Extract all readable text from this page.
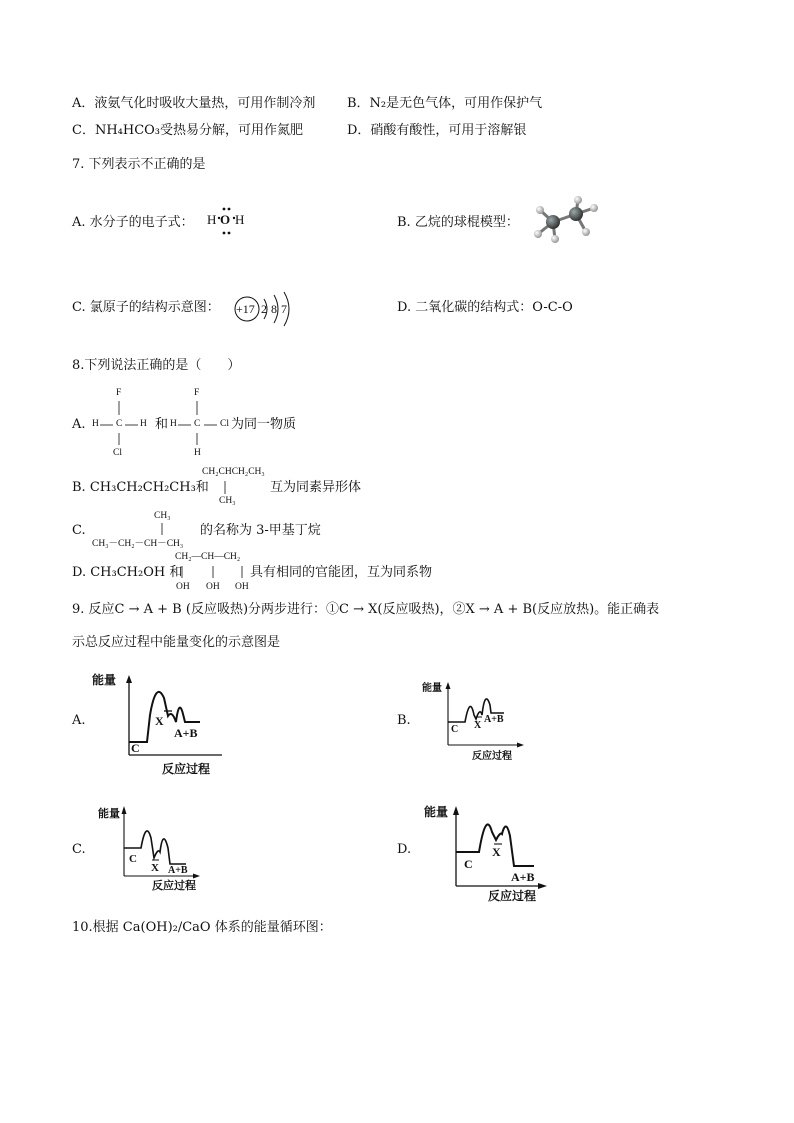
A．液氨气化时吸收大量热，可用作制冷剂 B．N₂是无色气体，可用作保护气
C．NH₄HCO₃受热易分解，可用作氮肥	D．硝酸有酸性，可用于溶解银
7. 下列表示不正确的是
A. 水分子的电子式： H O H	B. 乙烷的球棍模型：
C. 氯原子的结构示意图： +17 2 8 7	D. 二氧化碳的结构式：O-C-O
8.下列说法正确的是（　　）
A.
F
H C H
Cl
和
F
H C Cl
H
为同一物质
B. CH₃CH₂CH₂CH₃和
CH₂CHCH₂CH₃
CH₃
互为同素异形体
C.
CH₃
CH₃－CH₂－CH－CH₃
的名称为 3-甲基丁烷
D. CH₃CH₂OH 和
CH₂—CH—CH₂
OH OH OH
具有相同的官能团，互为同系物
9. 反应C → A + B (反应吸热)分两步进行：①C → X(反应吸热)，②X → A + B(反应放热)。能正确表
示总反应过程中能量变化的示意图是
A.
能量
C
X
A+B
反应过程
B.
能量
C X
A+B
反应过程
C.
能量
C
X A+B
反应过程
D.
能量
C
X
A+B
反应过程
10.根据 Ca(OH)₂/CaO 体系的能量循环图：
